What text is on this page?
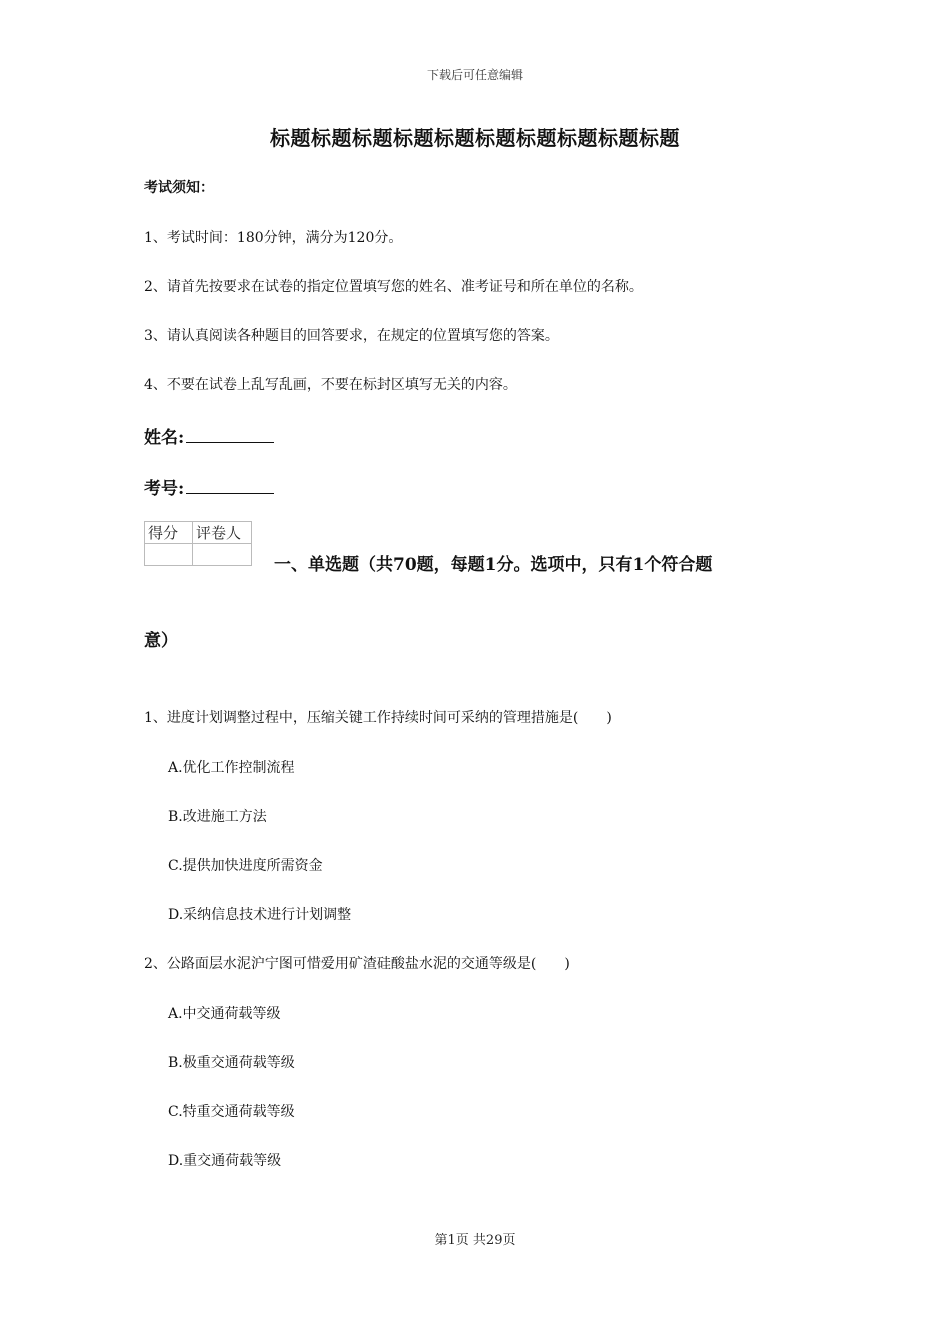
下载后可任意编辑
标题标题标题标题标题标题标题标题标题标题
考试须知：
1、考试时间：180分钟，满分为120分。
2、请首先按要求在试卷的指定位置填写您的姓名、准考证号和所在单位的名称。
3、请认真阅读各种题目的回答要求，在规定的位置填写您的答案。
4、不要在试卷上乱写乱画，不要在标封区填写无关的内容。
姓名:
考号:
得分	评卷人

一、单选题（共70题，每题1分。选项中，只有1个符合题
意）
1、进度计划调整过程中，压缩关键工作持续时间可采纳的管理措施是(　　)
A.优化工作控制流程
B.改进施工方法
C.提供加快进度所需资金
D.采纳信息技术进行计划调整
2、公路面层水泥沪宁图可惜爱用矿渣硅酸盐水泥的交通等级是(　　)
A.中交通荷载等级
B.极重交通荷载等级
C.特重交通荷载等级
D.重交通荷载等级
第1页 共29页
